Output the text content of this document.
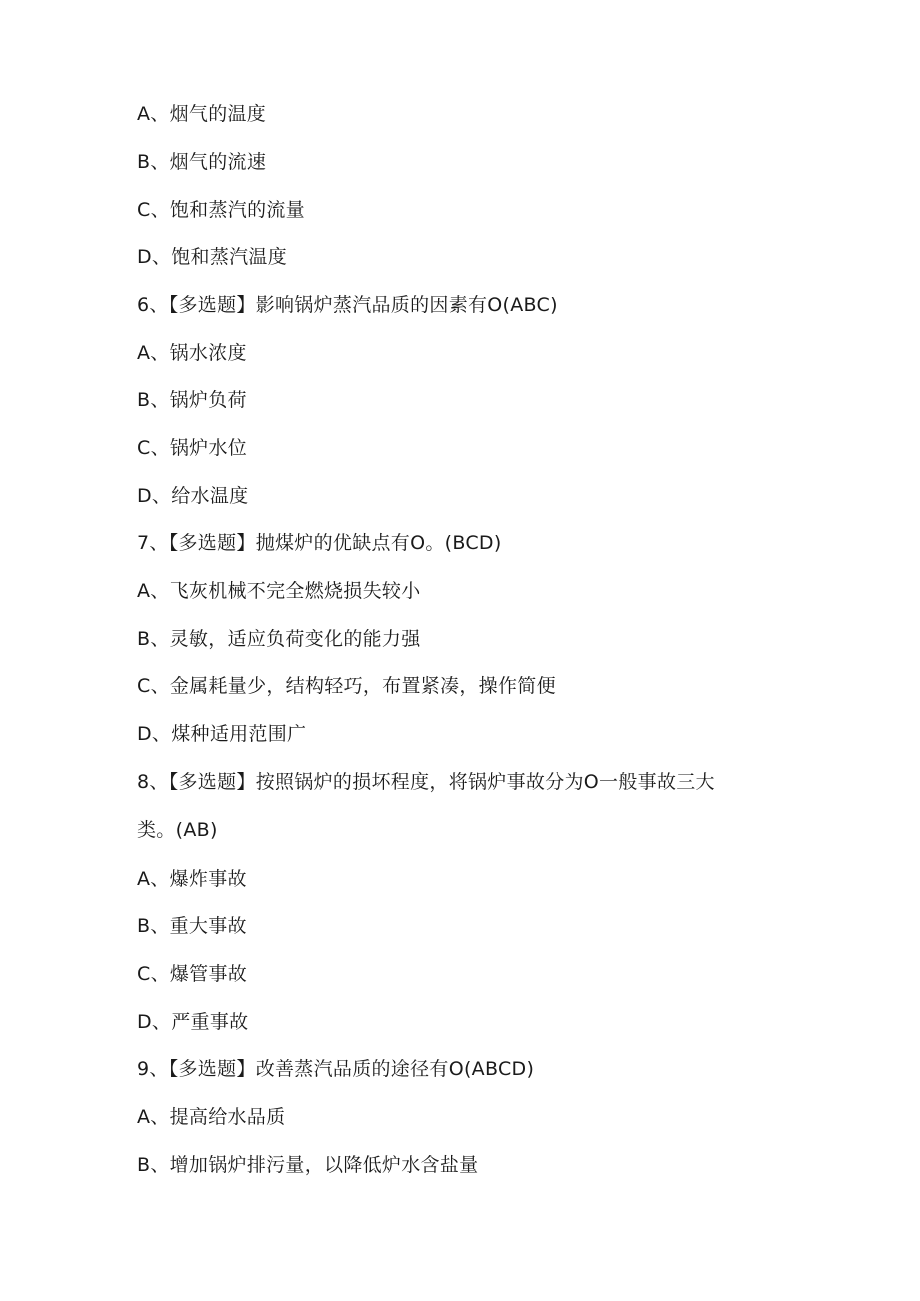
A、烟气的温度
B、烟气的流速
C、饱和蒸汽的流量
D、饱和蒸汽温度
6、【多选题】影响锅炉蒸汽品质的因素有O(ABC)
A、锅水浓度
B、锅炉负荷
C、锅炉水位
D、给水温度
7、【多选题】抛煤炉的优缺点有O。(BCD)
A、飞灰机械不完全燃烧损失较小
B、灵敏，适应负荷变化的能力强
C、金属耗量少，结构轻巧，布置紧凑，操作简便
D、煤种适用范围广
8、【多选题】按照锅炉的损坏程度，将锅炉事故分为O一般事故三大
类。(AB)
A、爆炸事故
B、重大事故
C、爆管事故
D、严重事故
9、【多选题】改善蒸汽品质的途径有O(ABCD)
A、提高给水品质
B、增加锅炉排污量，以降低炉水含盐量
